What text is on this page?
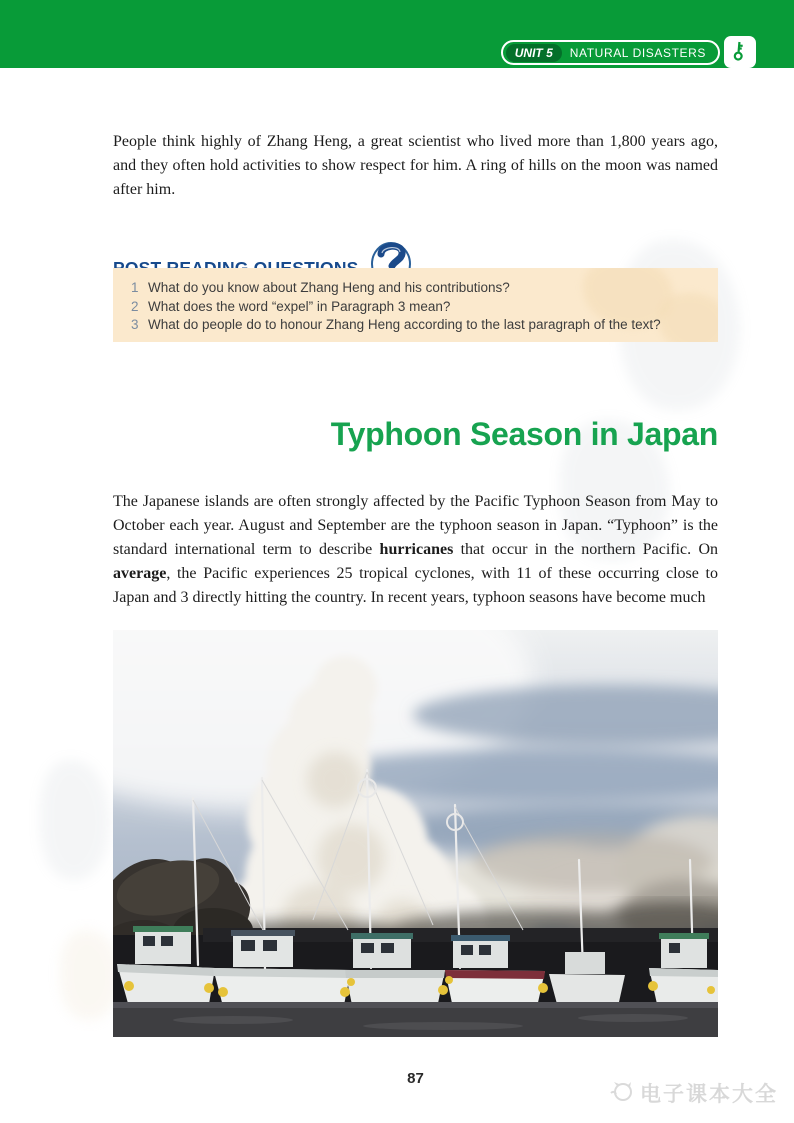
UNIT 5	NATURAL DISASTERS
People think highly of Zhang Heng, a great scientist who lived more than 1,800 years ago, and they often hold activities to show respect for him. A ring of hills on the moon was named after him.
1 What do you know about Zhang Heng and his contributions?
2 What does the word “expel” in Paragraph 3 mean?
3 What do people do to honour Zhang Heng according to the last paragraph of the text?
Typhoon Season in Japan
The Japanese islands are often strongly affected by the Pacific Typhoon Season from May to October each year. August and September are the typhoon season in Japan. “Typhoon” is the standard international term to describe hurricanes that occur in the northern Pacific. On average, the Pacific experiences 25 tropical cyclones, with 11 of these occurring close to Japan and 3 directly hitting the country. In recent years, typhoon seasons have become much
87
电子课本大全
